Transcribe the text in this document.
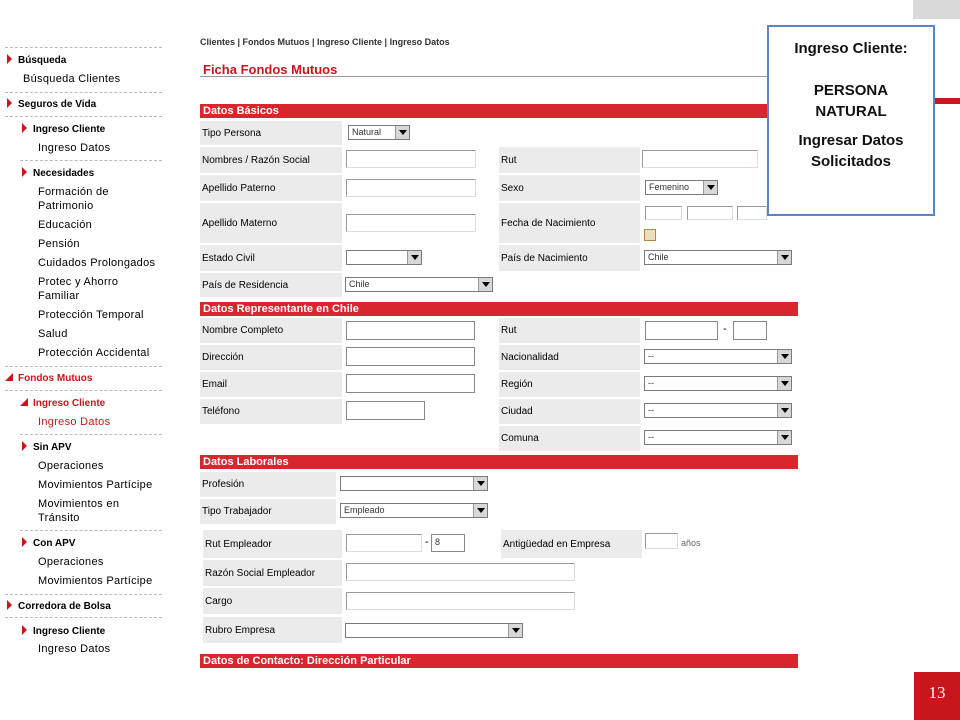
Búsqueda
Búsqueda Clientes
Seguros de Vida
Ingreso Cliente
Ingreso Datos
Necesidades
Formación de
Patrimonio
Educación
Pensión
Cuidados Prolongados
Protec y Ahorro
Familiar
Protección Temporal
Salud
Protección Accidental
Fondos Mutuos
Ingreso Cliente
Ingreso Datos
Sin APV
Operaciones
Movimientos Partícipe
Movimientos en
Tránsito
Con APV
Operaciones
Movimientos Partícipe
Corredora de Bolsa
Ingreso Cliente
Ingreso Datos
Clientes | Fondos Mutuos | Ingreso Cliente | Ingreso Datos
Ficha Fondos Mutuos
Datos Básicos
Tipo Persona	Natural
Nombres / Razón Social	Rut
Apellido Paterno	Sexo	Femenino
Apellido Materno	Fecha de Nacimiento
Estado Civil	País de Nacimiento	Chile
País de Residencia	Chile
Datos Representante en Chile
Nombre Completo	Rut	-
Dirección	Nacionalidad	--
Email	Región	--
Teléfono	Ciudad	--
Comuna	--
Datos Laborales
Profesión
Tipo Trabajador	Empleado
Rut Empleador	- 8	Antigüedad en Empresa	años
Razón Social Empleador
Cargo
Rubro Empresa
Datos de Contacto: Dirección Particular
Ingreso Cliente:
PERSONA
NATURAL
Ingresar Datos
Solicitados
13
